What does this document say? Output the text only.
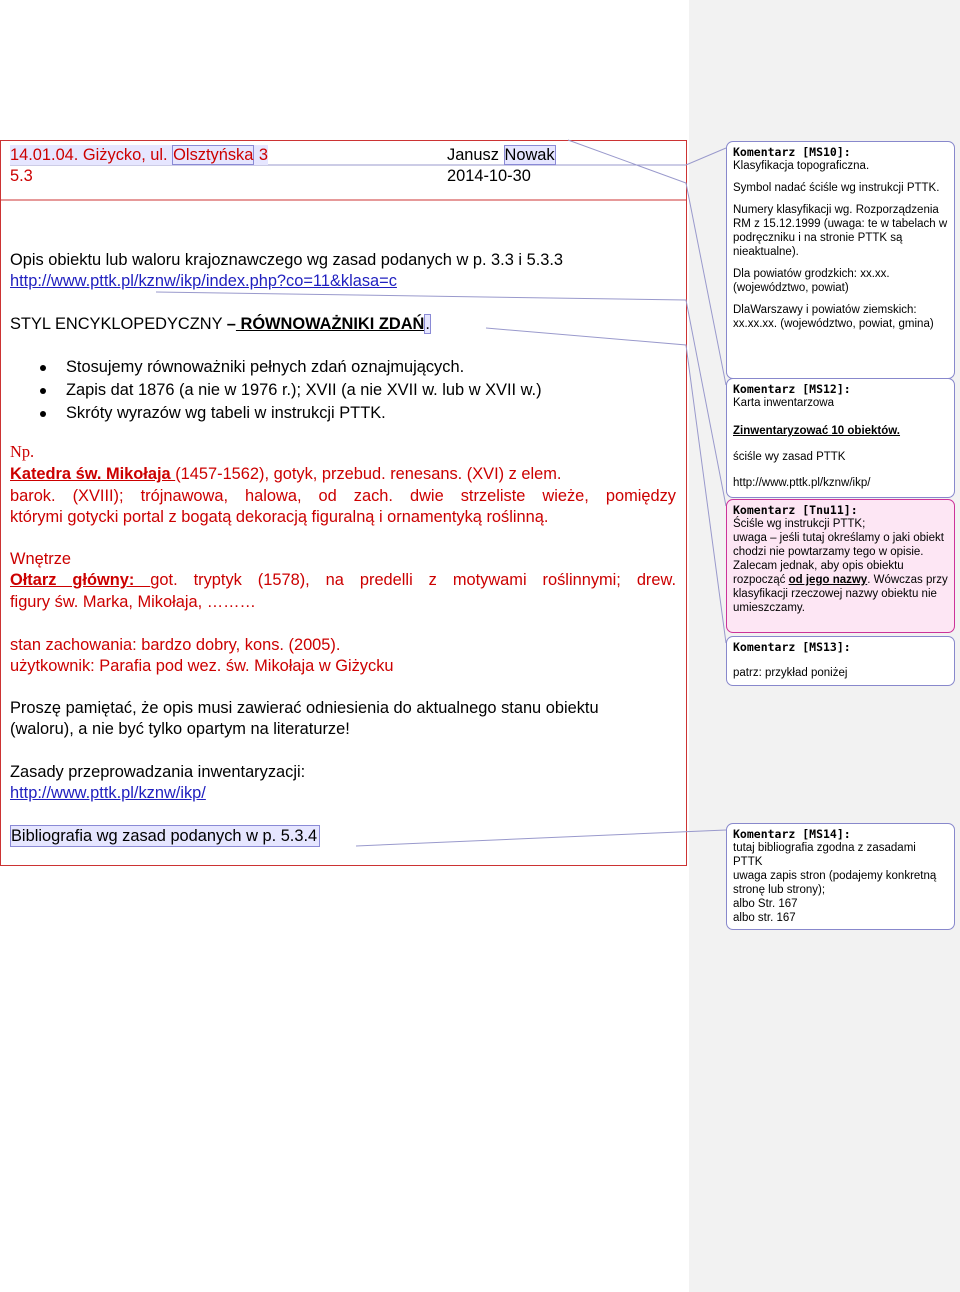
14.01.04. Giżycko, ul. Olsztyńska 3
5.3
Janusz Nowak
2014-10-30
Opis obiektu lub waloru krajoznawczego wg zasad podanych w p. 3.3 i 5.3.3
http://www.pttk.pl/kznw/ikp/index.php?co=11&klasa=c
STYL ENCYKLOPEDYCZNY – RÓWNOWAŻNIKI ZDAŃ.
Stosujemy równoważniki pełnych zdań oznajmujących.
Zapis dat 1876 (a nie w 1976 r.); XVII (a nie XVII w. lub w XVII w.)
Skróty wyrazów wg tabeli w instrukcji PTTK.
Np.
Katedra św. Mikołaja (1457-1562), gotyk, przebud. renesans. (XVI) z elem.
barok. (XVIII); trójnawowa, halowa, od zach. dwie strzeliste wieże, pomiędzy
którymi gotycki portal z bogatą dekoracją figuralną i ornamentyką roślinną.
Wnętrze
Ołtarz główny: got. tryptyk (1578), na predelli z motywami roślinnymi; drew.
figury św. Marka, Mikołaja, ………
stan zachowania: bardzo dobry, kons. (2005).
użytkownik: Parafia pod wez. św. Mikołaja w Giżycku
Proszę pamiętać, że opis musi zawierać odniesienia do aktualnego stanu obiektu
(waloru), a nie być tylko opartym na literaturze!
Zasady przeprowadzania inwentaryzacji:
http://www.pttk.pl/kznw/ikp/
Bibliografia wg zasad podanych w p. 5.3.4
Komentarz [MS10]:

Klasyfikacja topograficzna.

Symbol nadać ściśle wg instrukcji PTTK.

Numery klasyfikacji wg. Rozporządzenia RM z 15.12.1999 (uwaga: te w tabelach w podręczniku i na stronie PTTK są nieaktualne).

Dla powiatów grodzkich: xx.xx. (województwo, powiat)

DlaWarszawy i powiatów ziemskich: xx.xx.xx. (województwo, powiat, gmina)

Komentarz [MS12]:

Karta inwentarzowa

Zinwentaryzować 10 obiektów.

ściśle wy zasad PTTK

http://www.pttk.pl/kznw/ikp/

Komentarz [Tnu11]:
Ściśle wg instrukcji PTTK;
uwaga – jeśli tutaj określamy o jaki obiekt chodzi nie powtarzamy tego w opisie.
Zalecam jednak, aby opis obiektu rozpocząć od jego nazwy. Wówczas przy klasyfikacji rzeczowej nazwy obiektu nie umieszczamy.
Komentarz [MS13]:

patrz: przykład poniżej

Komentarz [MS14]:
tutaj bibliografia zgodna z zasadami PTTK
uwaga zapis stron (podajemy konkretną stronę lub strony);
albo Str. 167
albo str. 167
